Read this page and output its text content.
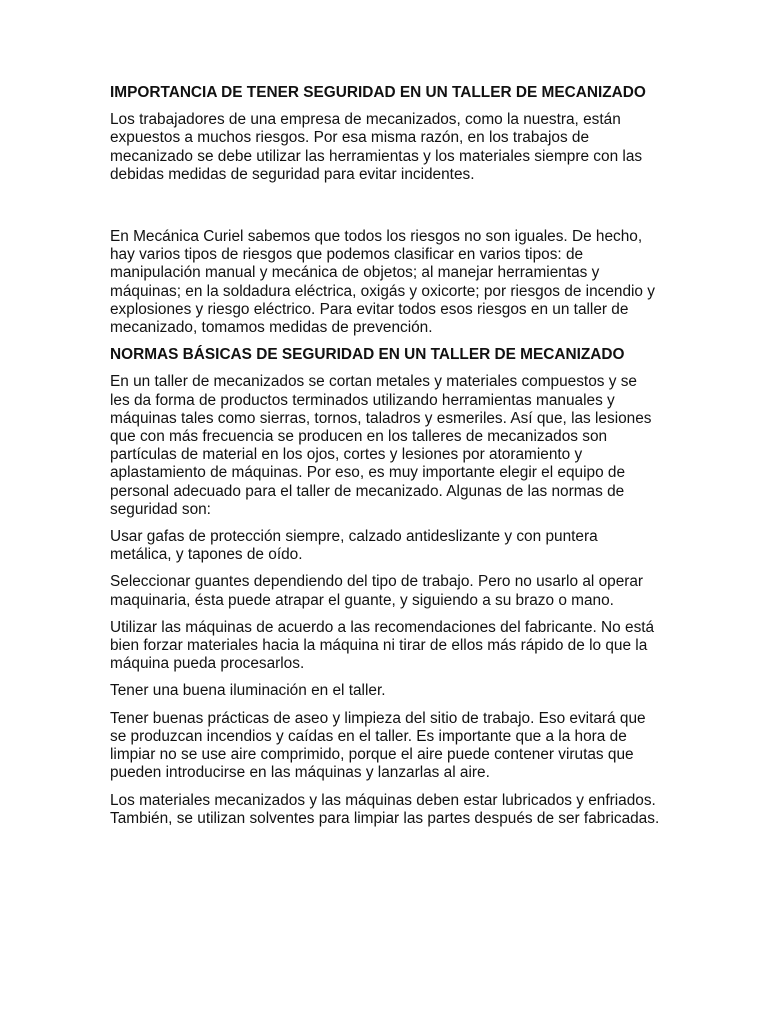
IMPORTANCIA DE TENER SEGURIDAD EN UN TALLER DE MECANIZADO
Los trabajadores de una empresa de mecanizados, como la nuestra, están expuestos a muchos riesgos. Por esa misma razón, en los trabajos de mecanizado se debe utilizar las herramientas y los materiales siempre con las debidas medidas de seguridad para evitar incidentes.
En Mecánica Curiel sabemos que todos los riesgos no son iguales. De hecho, hay varios tipos de riesgos que podemos clasificar en varios tipos: de manipulación manual y mecánica de objetos; al manejar herramientas y máquinas; en la soldadura eléctrica, oxigás y oxicorte; por riesgos de incendio y explosiones y riesgo eléctrico. Para evitar todos esos riesgos en un taller de mecanizado, tomamos medidas de prevención.
NORMAS BÁSICAS DE SEGURIDAD EN UN TALLER DE MECANIZADO
En un taller de mecanizados se cortan metales y materiales compuestos y se les da forma de productos terminados utilizando herramientas manuales y máquinas tales como sierras, tornos, taladros y esmeriles. Así que, las lesiones que con más frecuencia se producen en los talleres de mecanizados son partículas de material en los ojos, cortes y lesiones por atoramiento y aplastamiento de máquinas. Por eso, es muy importante elegir el equipo de personal adecuado para el taller de mecanizado. Algunas de las normas de seguridad son:
Usar gafas de protección siempre, calzado antideslizante y con puntera metálica, y tapones de oído.
Seleccionar guantes dependiendo del tipo de trabajo. Pero no usarlo al operar maquinaria, ésta puede atrapar el guante, y siguiendo a su brazo o mano.
Utilizar las máquinas de acuerdo a las recomendaciones del fabricante. No está bien forzar materiales hacia la máquina ni tirar de ellos más rápido de lo que la máquina pueda procesarlos.
Tener una buena iluminación en el taller.
Tener buenas prácticas de aseo y limpieza del sitio de trabajo. Eso evitará que se produzcan incendios y caídas en el taller. Es importante que a la hora de limpiar no se use aire comprimido, porque el aire puede contener virutas que pueden introducirse en las máquinas y lanzarlas al aire.
Los materiales mecanizados y las máquinas deben estar lubricados y enfriados. También, se utilizan solventes para limpiar las partes después de ser fabricadas.
